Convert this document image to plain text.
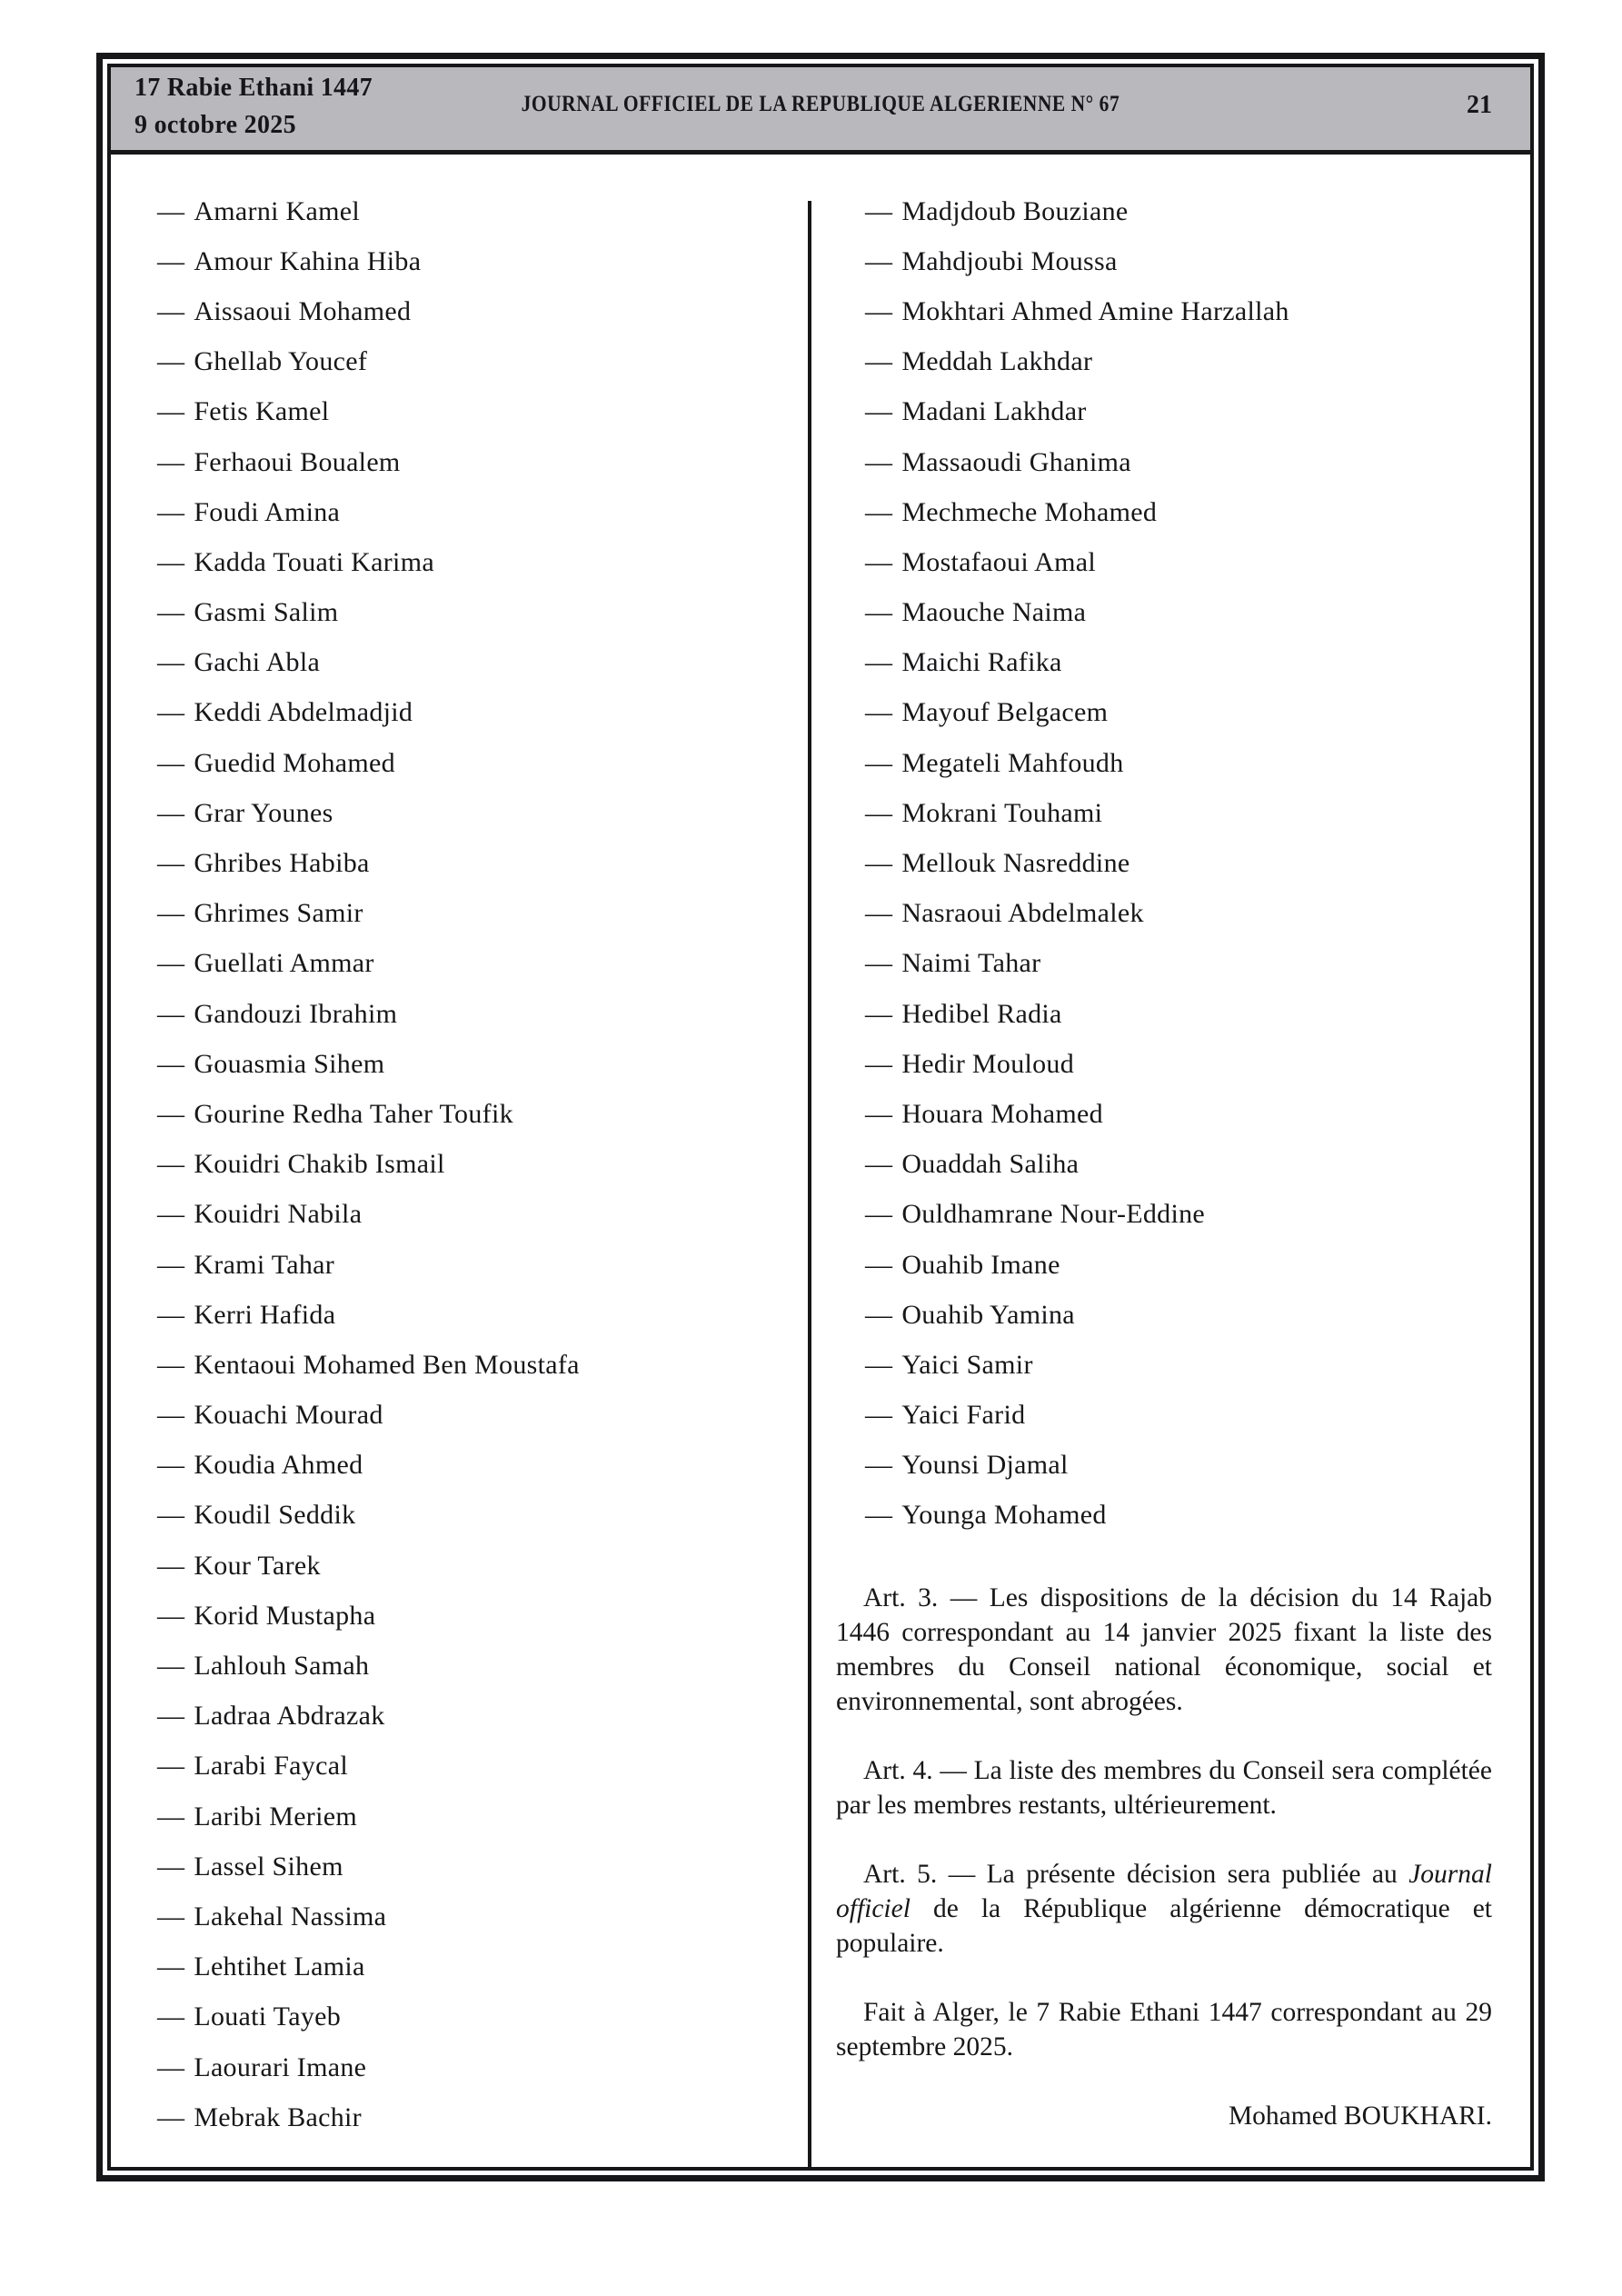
17 Rabie Ethani 1447
9 octobre 2025
JOURNAL OFFICIEL DE LA REPUBLIQUE ALGERIENNE N° 67	21
— Amarni Kamel
— Amour Kahina Hiba
— Aissaoui Mohamed
— Ghellab Youcef
— Fetis Kamel
— Ferhaoui Boualem
— Foudi Amina
— Kadda Touati Karima
— Gasmi Salim
— Gachi Abla
— Keddi Abdelmadjid
— Guedid Mohamed
— Grar Younes
— Ghribes Habiba
— Ghrimes Samir
— Guellati Ammar
— Gandouzi Ibrahim
— Gouasmia Sihem
— Gourine Redha Taher Toufik
— Kouidri Chakib Ismail
— Kouidri Nabila
— Krami Tahar
— Kerri Hafida
— Kentaoui Mohamed Ben Moustafa
— Kouachi Mourad
— Koudia Ahmed
— Koudil Seddik
— Kour Tarek
— Korid Mustapha
— Lahlouh Samah
— Ladraa Abdrazak
— Larabi Faycal
— Laribi Meriem
— Lassel Sihem
— Lakehal Nassima
— Lehtihet Lamia
— Louati Tayeb
— Laourari Imane
— Mebrak Bachir
— Madjdoub Bouziane
— Mahdjoubi Moussa
— Mokhtari Ahmed Amine Harzallah
— Meddah Lakhdar
— Madani Lakhdar
— Massaoudi Ghanima
— Mechmeche Mohamed
— Mostafaoui Amal
— Maouche Naima
— Maichi Rafika
— Mayouf Belgacem
— Megateli Mahfoudh
— Mokrani Touhami
— Mellouk Nasreddine
— Nasraoui Abdelmalek
— Naimi Tahar
— Hedibel Radia
— Hedir Mouloud
— Houara Mohamed
— Ouaddah Saliha
— Ouldhamrane Nour-Eddine
— Ouahib Imane
— Ouahib Yamina
— Yaici Samir
— Yaici Farid
— Younsi Djamal
— Younga Mohamed

Art. 3. — Les dispositions de la décision du 14 Rajab 1446 correspondant au 14 janvier 2025 fixant la liste des membres du Conseil national économique, social et environnemental, sont abrogées.

Art. 4. — La liste des membres du Conseil sera complétée par les membres restants, ultérieurement.

Art. 5. — La présente décision sera publiée au Journal officiel de la République algérienne démocratique et populaire.

Fait à Alger, le 7 Rabie Ethani 1447 correspondant au 29 septembre 2025.

Mohamed BOUKHARI.
